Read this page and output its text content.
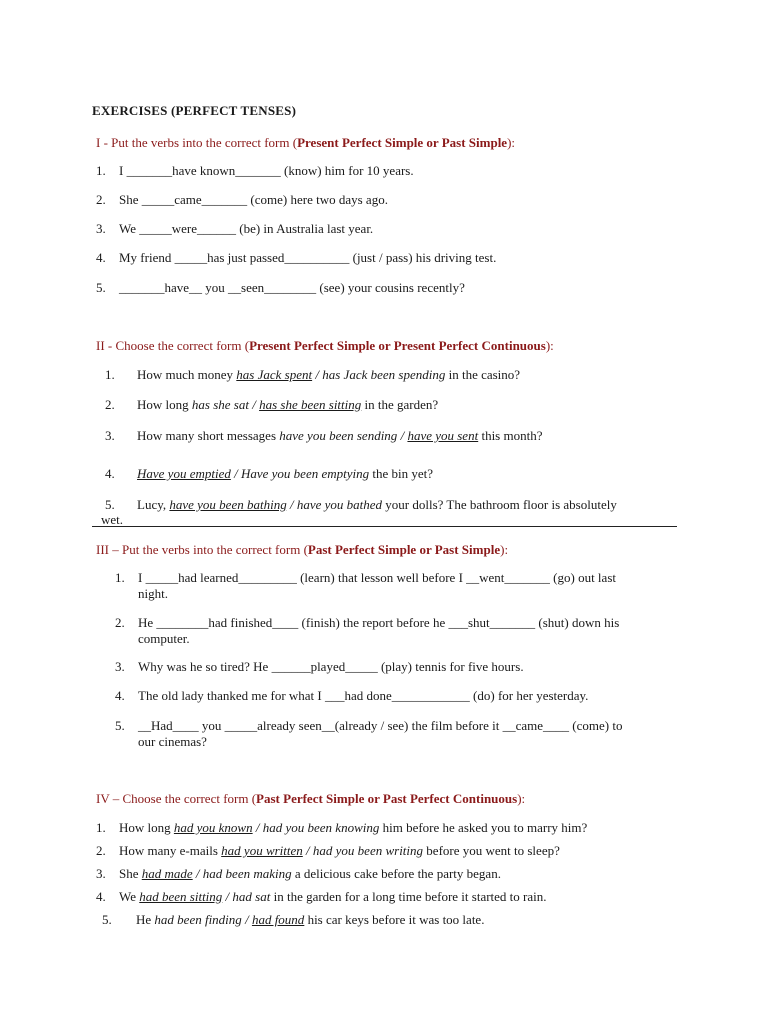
EXERCISES (PERFECT TENSES)
I - Put the verbs into the correct form (Present Perfect Simple or Past Simple):
1. I _______have known_______ (know) him for 10 years.
2. She _____came_______ (come) here two days ago.
3. We _____were______ (be) in Australia last year.
4. My friend _____has just passed__________ (just / pass) his driving test.
5. _______have__ you __seen________ (see) your cousins recently?
II - Choose the correct form (Present Perfect Simple or Present Perfect Continuous):
1. How much money has Jack spent / has Jack been spending in the casino?
2. How long has she sat / has she been sitting in the garden?
3. How many short messages have you been sending / have you sent this month?
4. Have you emptied / Have you been emptying the bin yet?
5. Lucy, have you been bathing / have you bathed your dolls? The bathroom floor is absolutely
wet.
III – Put the verbs into the correct form (Past Perfect Simple or Past Simple):
1. I _____had learned_________ (learn) that lesson well before I __went_______ (go) out last
night.
2. He ________had finished____ (finish) the report before he ___shut_______ (shut) down his
computer.
3. Why was he so tired? He ______played_____ (play) tennis for five hours.
4. The old lady thanked me for what I ___had done____________ (do) for her yesterday.
5. __Had____ you _____already seen__(already / see) the film before it __came____ (come) to
our cinemas?
IV – Choose the correct form (Past Perfect Simple or Past Perfect Continuous):
1. How long had you known / had you been knowing him before he asked you to marry him?
2. How many e-mails had you written / had you been writing before you went to sleep?
3. She had made / had been making a delicious cake before the party began.
4. We had been sitting / had sat in the garden for a long time before it started to rain.
5. He had been finding / had found his car keys before it was too late.
